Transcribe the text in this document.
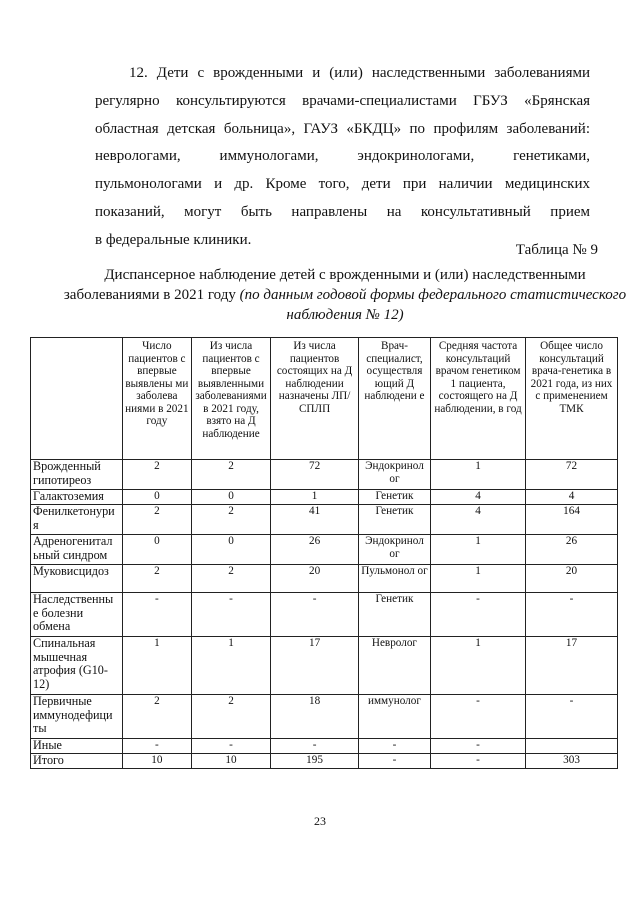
12. Дети с врожденными и (или) наследственными заболеваниями
регулярно консультируются врачами-специалистами ГБУЗ «Брянская
областная детская больница», ГАУЗ «БКДЦ» по профилям заболеваний:
неврологами, иммунологами, эндокринологами, генетиками,
пульмонологами и др. Кроме того, дети при наличии медицинских
показаний, могут быть направлены на консультативный прием
в федеральные клиники.
Таблица № 9
Диспансерное наблюдение детей с врожденными и (или) наследственными заболеваниями в 2021 году (по данным годовой формы федерального статистического наблюдения № 12)
	Число пациентов с впервые выявлены ми заболева ниями в 2021 году	Из числа пациентов с впервые выявленными заболеваниями в 2021 году, взято на Д наблюдение	Из числа пациентов состоящих на Д наблюдении назначены ЛП/СПЛП	Врач-специалист, осуществля ющий Д наблюдени е	Средняя частота консультаций врачом генетиком 1 пациента, состоящего на Д наблюдении, в год	Общее число консультаций врача-генетика в 2021 года, из них с применением ТМК
Врожденный гипотиреоз	2	2	72	Эндокринол ог	1	72
Галактоземия	0	0	1	Генетик	4	4
Фенилкетонури я	2	2	41	Генетик	4	164
Адреногенитал ьный синдром	0	0	26	Эндокринол ог	1	26
Муковисцидоз	2	2	20	Пульмонол ог	1	20
Наследственны е болезни обмена	-	-	-	Генетик	-	-
Спинальная мышечная атрофия (G10-12)	1	1	17	Невролог	1	17
Первичные иммунодефици ты	2	2	18	иммунолог	-	-
Иные	-	-	-	-	-	
Итого	10	10	195	-	-	303
23
